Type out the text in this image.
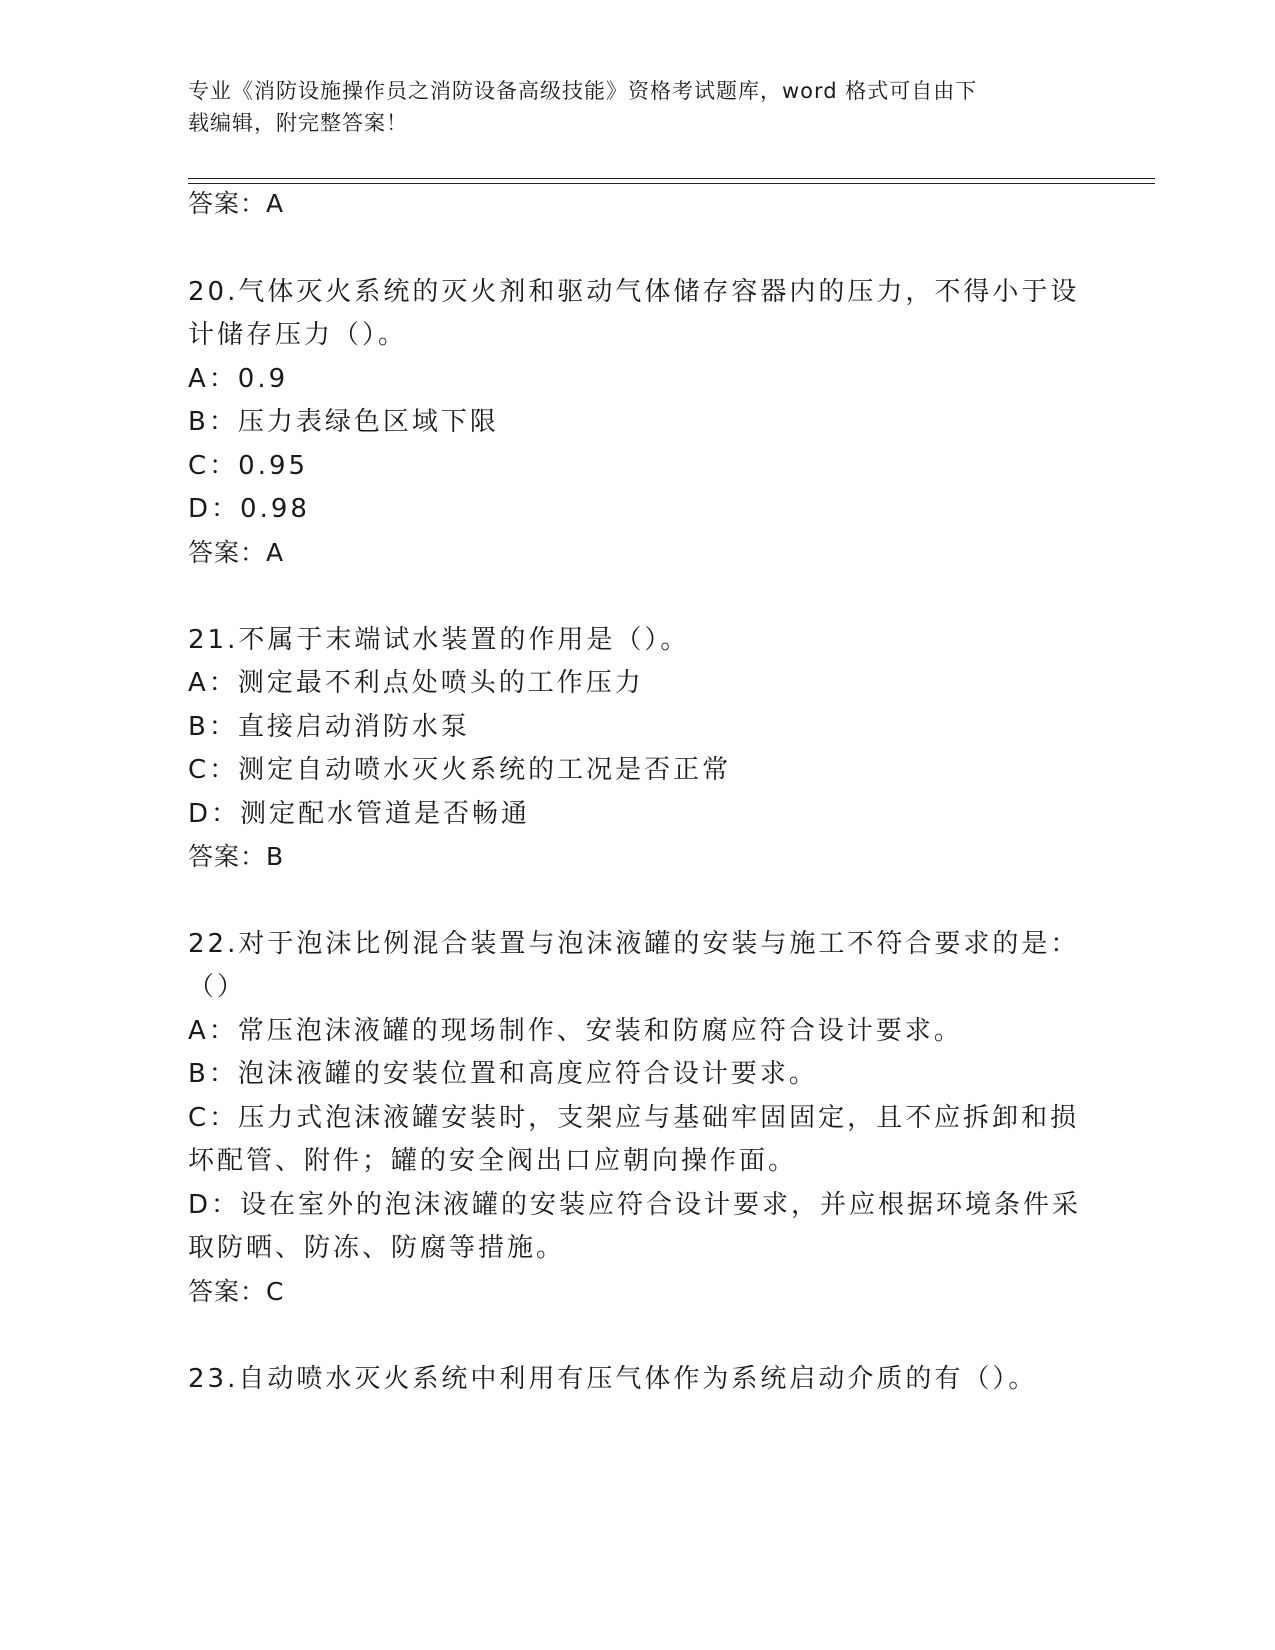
专业《消防设施操作员之消防设备高级技能》资格考试题库，word 格式可自由下
载编辑，附完整答案！
答案：A
20.气体灭火系统的灭火剂和驱动气体储存容器内的压力，不得小于设
计储存压力（）。
A：0.9
B：压力表绿色区域下限
C：0.95
D：0.98
答案：A
21.不属于末端试水装置的作用是（）。
A：测定最不利点处喷头的工作压力
B：直接启动消防水泵
C：测定自动喷水灭火系统的工况是否正常
D：测定配水管道是否畅通
答案：B
22.对于泡沫比例混合装置与泡沫液罐的安装与施工不符合要求的是：
（）
A：常压泡沫液罐的现场制作、安装和防腐应符合设计要求。
B：泡沫液罐的安装位置和高度应符合设计要求。
C：压力式泡沫液罐安装时，支架应与基础牢固固定，且不应拆卸和损
坏配管、附件；罐的安全阀出口应朝向操作面。
D：设在室外的泡沫液罐的安装应符合设计要求，并应根据环境条件采
取防晒、防冻、防腐等措施。
答案：C
23.自动喷水灭火系统中利用有压气体作为系统启动介质的有（）。
